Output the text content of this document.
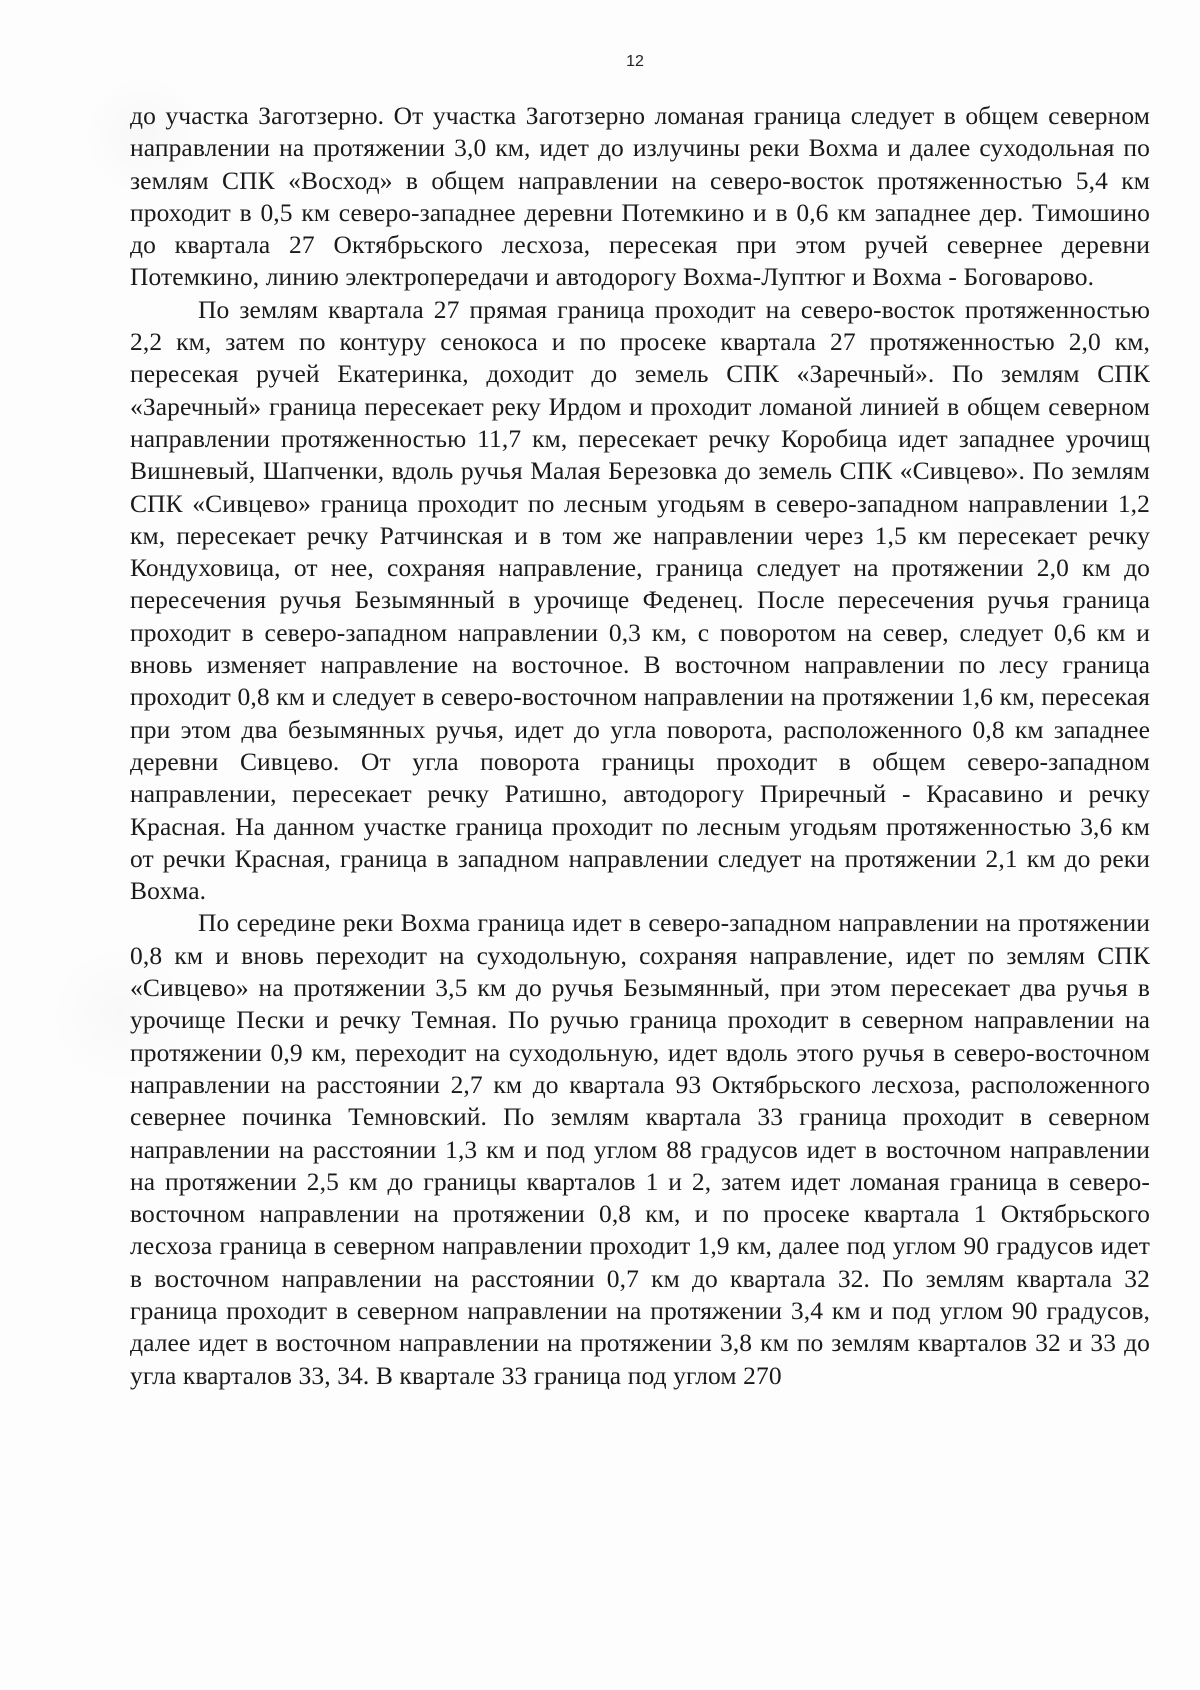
12

до участка Заготзерно. От участка Заготзерно ломаная граница следует в общем северном направлении на протяжении 3,0 км, идет до излучины реки Вохма и далее суходольная по землям СПК «Восход» в общем направлении на северо-восток протяженностью 5,4 км проходит в 0,5 км северо-западнее деревни Потемкино и в 0,6 км западнее дер. Тимошино до квартала 27 Октябрьского лесхоза, пересекая при этом ручей севернее деревни Потемкино, линию электропередачи и автодорогу Вохма-Луптюг и Вохма - Боговарово.

По землям квартала 27 прямая граница проходит на северо-восток протяженностью 2,2 км, затем по контуру сенокоса и по просеке квартала 27 протяженностью 2,0 км, пересекая ручей Екатеринка, доходит до земель СПК «Заречный». По землям СПК «Заречный» граница пересекает реку Ирдом и проходит ломаной линией в общем северном направлении протяженностью 11,7 км, пересекает речку Коробица идет западнее урочищ Вишневый, Шапченки, вдоль ручья Малая Березовка до земель СПК «Сивцево». По землям СПК «Сивцево» граница проходит по лесным угодьям в северо-западном направлении 1,2 км, пересекает речку Ратчинская и в том же направлении через 1,5 км пересекает речку Кондуховица, от нее, сохраняя направление, граница следует на протяжении 2,0 км до пересечения ручья Безымянный в урочище Феденец. После пересечения ручья граница проходит в северо-западном направлении 0,3 км, с поворотом на север, следует 0,6 км и вновь изменяет направление на восточное. В восточном направлении по лесу граница проходит 0,8 км и следует в северо-восточном направлении на протяжении 1,6 км, пересекая при этом два безымянных ручья, идет до угла поворота, расположенного 0,8 км западнее деревни Сивцево. От угла поворота границы проходит в общем северо-западном направлении, пересекает речку Ратишно, автодорогу Приречный - Красавино и речку Красная. На данном участке граница проходит по лесным угодьям протяженностью 3,6 км от речки Красная, граница в западном направлении следует на протяжении 2,1 км до реки Вохма.

По середине реки Вохма граница идет в северо-западном направлении на протяжении 0,8 км и вновь переходит на суходольную, сохраняя направление, идет по землям СПК «Сивцево» на протяжении 3,5 км до ручья Безымянный, при этом пересекает два ручья в урочище Пески и речку Темная. По ручью граница проходит в северном направлении на протяжении 0,9 км, переходит на суходольную, идет вдоль этого ручья в северо-восточном направлении на расстоянии 2,7 км до квартала 93 Октябрьского лесхоза, расположенного севернее починка Темновский. По землям квартала 33 граница проходит в северном направлении на расстоянии 1,3 км и под углом 88 градусов идет в восточном направлении на протяжении 2,5 км до границы кварталов 1 и 2, затем идет ломаная граница в северо-восточном направлении на протяжении 0,8 км, и по просеке квартала 1 Октябрьского лесхоза граница в северном направлении проходит 1,9 км, далее под углом 90 градусов идет в восточном направлении на расстоянии 0,7 км до квартала 32. По землям квартала 32 граница проходит в северном направлении на протяжении 3,4 км и под углом 90 градусов, далее идет в восточном направлении на протяжении 3,8 км по землям кварталов 32 и 33 до угла кварталов 33, 34. В квартале 33 граница под углом 270
